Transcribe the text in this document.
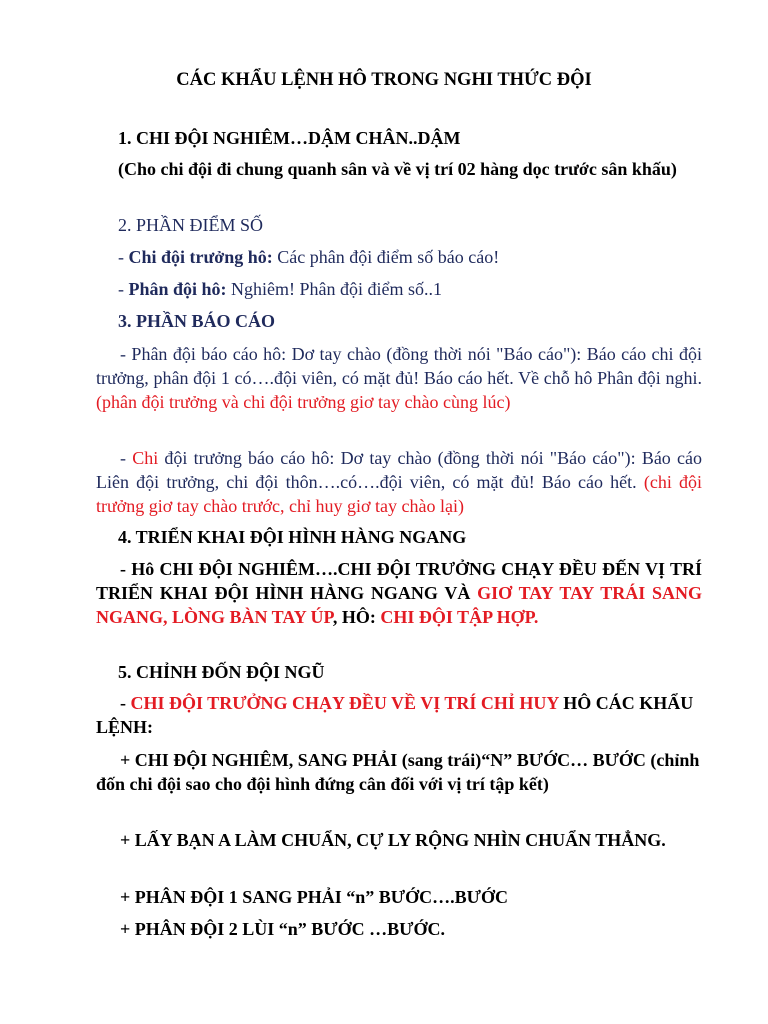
CÁC KHẨU LỆNH HÔ TRONG NGHI THỨC ĐỘI
1. CHI ĐỘI NGHIÊM…DẬM CHÂN..DẬM
(Cho chi đội đi chung quanh sân và về vị trí 02 hàng dọc trước sân khấu)
2. PHẦN ĐIỂM SỐ
- Chi đội trưởng hô: Các phân đội điểm số báo cáo!
- Phân đội hô: Nghiêm! Phân đội điểm số..1
3. PHẦN BÁO CÁO
- Phân đội báo cáo hô: Dơ tay chào (đồng thời nói "Báo cáo"): Báo cáo chi đội trưởng, phân đội 1 có….đội viên, có mặt đủ! Báo cáo hết. Về chỗ hô Phân đội nghi. (phân đội trưởng và chi đội trưởng giơ tay chào cùng lúc)
- Chi đội trưởng báo cáo hô: Dơ tay chào (đồng thời nói "Báo cáo"): Báo cáo Liên đội trưởng, chi đội thôn….có….đội viên, có mặt đủ! Báo cáo hết. (chi đội trưởng giơ tay chào trước, chỉ huy giơ tay chào lại)
4. TRIỂN KHAI ĐỘI HÌNH HÀNG NGANG
- Hô CHI ĐỘI NGHIÊM….CHI ĐỘI TRƯỞNG CHẠY ĐỀU ĐẾN VỊ TRÍ TRIỂN KHAI ĐỘI HÌNH HÀNG NGANG VÀ GIƠ TAY TAY TRÁI SANG NGANG, LÒNG BÀN TAY ÚP, HÔ: CHI ĐỘI TẬP HỢP.
5. CHỈNH ĐỐN ĐỘI NGŨ
- CHI ĐỘI TRƯỞNG CHẠY ĐỀU VỀ VỊ TRÍ CHỈ HUY HÔ CÁC KHẨU LỆNH:
+ CHI ĐỘI NGHIÊM, SANG PHẢI (sang trái)“N” BƯỚC… BƯỚC (chỉnh đốn chi đội sao cho đội hình đứng cân đối với vị trí tập kết)
+ LẤY BẠN A LÀM CHUẨN, CỰ LY RỘNG NHÌN CHUẨN THẲNG.
+ PHÂN ĐỘI 1 SANG PHẢI “n” BƯỚC….BƯỚC
+ PHÂN ĐỘI 2 LÙI “n” BƯỚC …BƯỚC.
